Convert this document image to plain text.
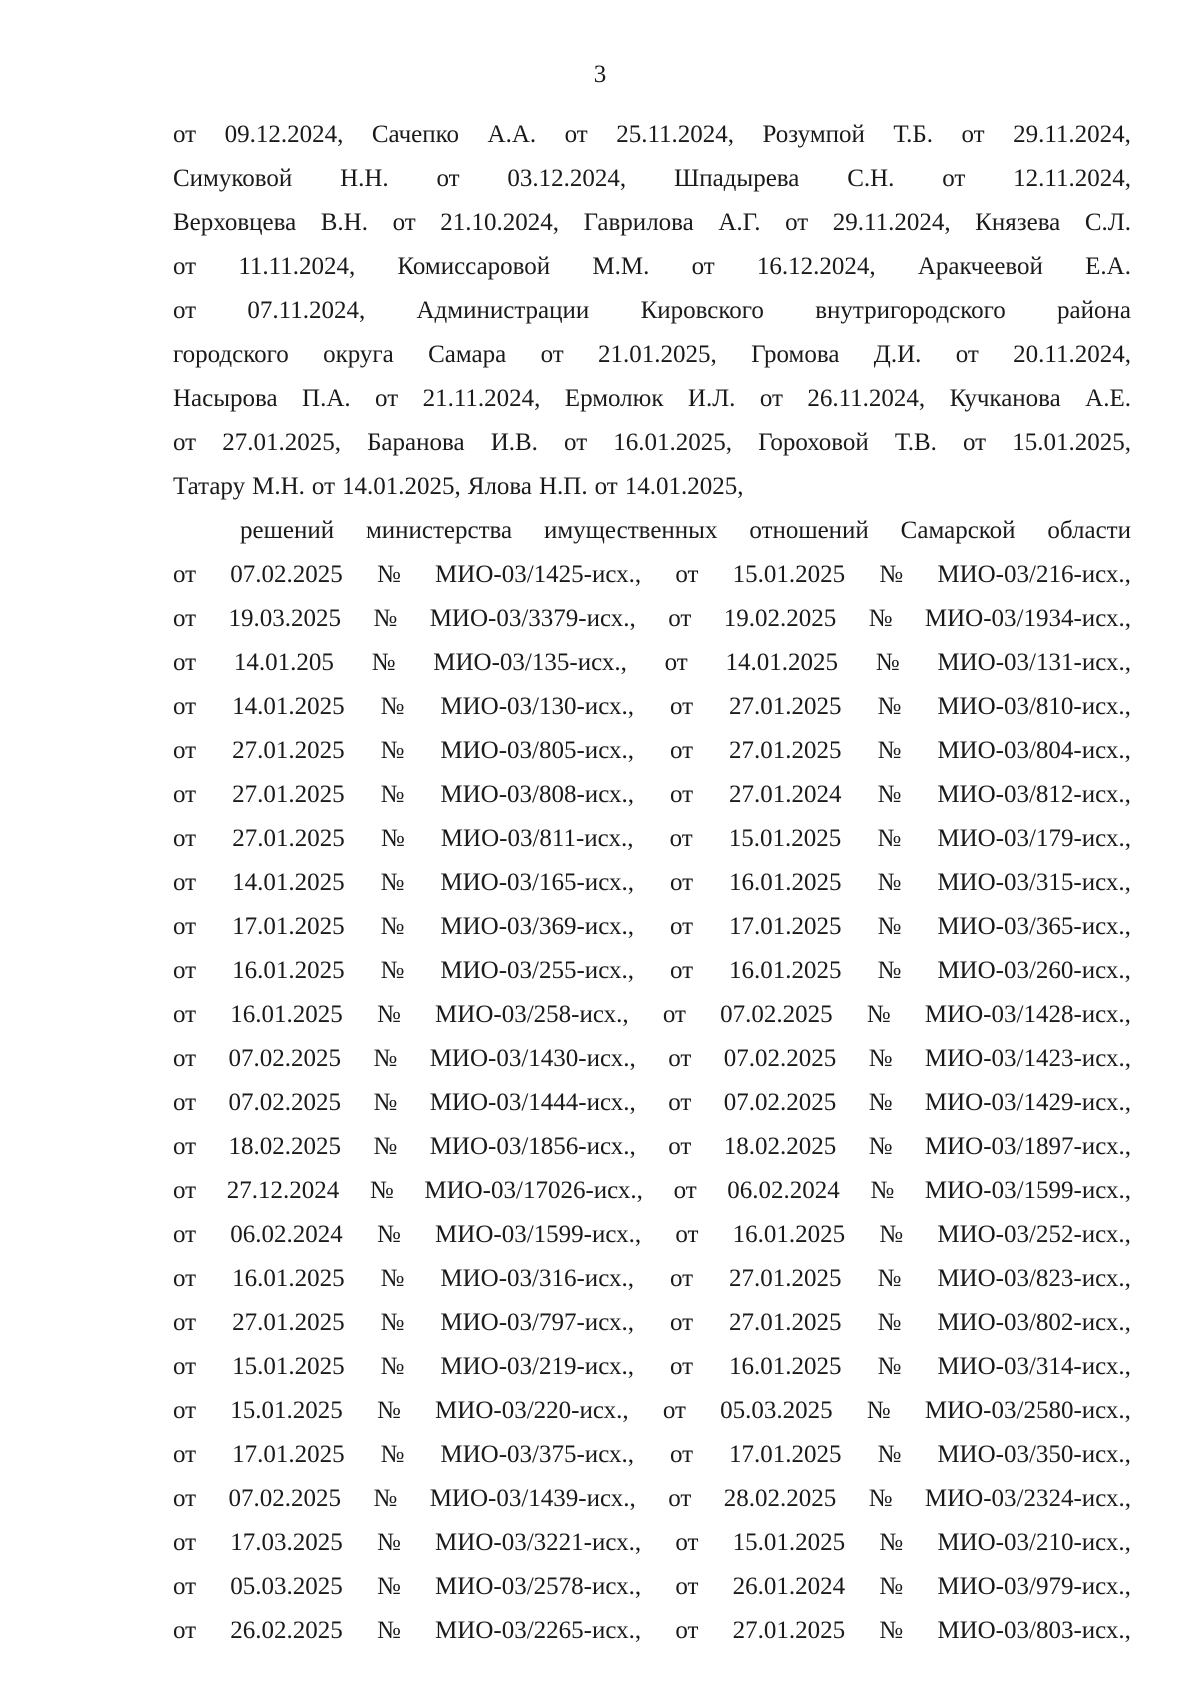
3
от 09.12.2024, Сачепко А.А. от 25.11.2024, Розумпой Т.Б. от 29.11.2024,
Симуковой Н.Н. от 03.12.2024, Шпадырева С.Н. от 12.11.2024,
Верховцева В.Н. от 21.10.2024, Гаврилова А.Г. от 29.11.2024, Князева С.Л.
от 11.11.2024, Комиссаровой М.М. от 16.12.2024, Аракчеевой Е.А.
от 07.11.2024, Администрации Кировского внутригородского района
городского округа Самара от 21.01.2025, Громова Д.И. от 20.11.2024,
Насырова П.А. от 21.11.2024, Ермолюк И.Л. от 26.11.2024, Кучканова А.Е.
от 27.01.2025, Баранова И.В. от 16.01.2025, Гороховой Т.В. от 15.01.2025,
Татару М.Н. от 14.01.2025, Ялова Н.П. от 14.01.2025,
решений министерства имущественных отношений Самарской области
от 07.02.2025 № МИО-03/1425-исх., от 15.01.2025 № МИО-03/216-исх.,
от 19.03.2025 № МИО-03/3379-исх., от 19.02.2025 № МИО-03/1934-исх.,
от 14.01.205 № МИО-03/135-исх., от 14.01.2025 № МИО-03/131-исх.,
от 14.01.2025 № МИО-03/130-исх., от 27.01.2025 № МИО-03/810-исх.,
от 27.01.2025 № МИО-03/805-исх., от 27.01.2025 № МИО-03/804-исх.,
от 27.01.2025 № МИО-03/808-исх., от 27.01.2024 № МИО-03/812-исх.,
от 27.01.2025 № МИО-03/811-исх., от 15.01.2025 № МИО-03/179-исх.,
от 14.01.2025 № МИО-03/165-исх., от 16.01.2025 № МИО-03/315-исх.,
от 17.01.2025 № МИО-03/369-исх., от 17.01.2025 № МИО-03/365-исх.,
от 16.01.2025 № МИО-03/255-исх., от 16.01.2025 № МИО-03/260-исх.,
от 16.01.2025 № МИО-03/258-исх., от 07.02.2025 № МИО-03/1428-исх.,
от 07.02.2025 № МИО-03/1430-исх., от 07.02.2025 № МИО-03/1423-исх.,
от 07.02.2025 № МИО-03/1444-исх., от 07.02.2025 № МИО-03/1429-исх.,
от 18.02.2025 № МИО-03/1856-исх., от 18.02.2025 № МИО-03/1897-исх.,
от 27.12.2024 № МИО-03/17026-исх., от 06.02.2024 № МИО-03/1599-исх.,
от 06.02.2024 № МИО-03/1599-исх., от 16.01.2025 № МИО-03/252-исх.,
от 16.01.2025 № МИО-03/316-исх., от 27.01.2025 № МИО-03/823-исх.,
от 27.01.2025 № МИО-03/797-исх., от 27.01.2025 № МИО-03/802-исх.,
от 15.01.2025 № МИО-03/219-исх., от 16.01.2025 № МИО-03/314-исх.,
от 15.01.2025 № МИО-03/220-исх., от 05.03.2025 № МИО-03/2580-исх.,
от 17.01.2025 № МИО-03/375-исх., от 17.01.2025 № МИО-03/350-исх.,
от 07.02.2025 № МИО-03/1439-исх., от 28.02.2025 № МИО-03/2324-исх.,
от 17.03.2025 № МИО-03/3221-исх., от 15.01.2025 № МИО-03/210-исх.,
от 05.03.2025 № МИО-03/2578-исх., от 26.01.2024 № МИО-03/979-исх.,
от 26.02.2025 № МИО-03/2265-исх., от 27.01.2025 № МИО-03/803-исх.,
